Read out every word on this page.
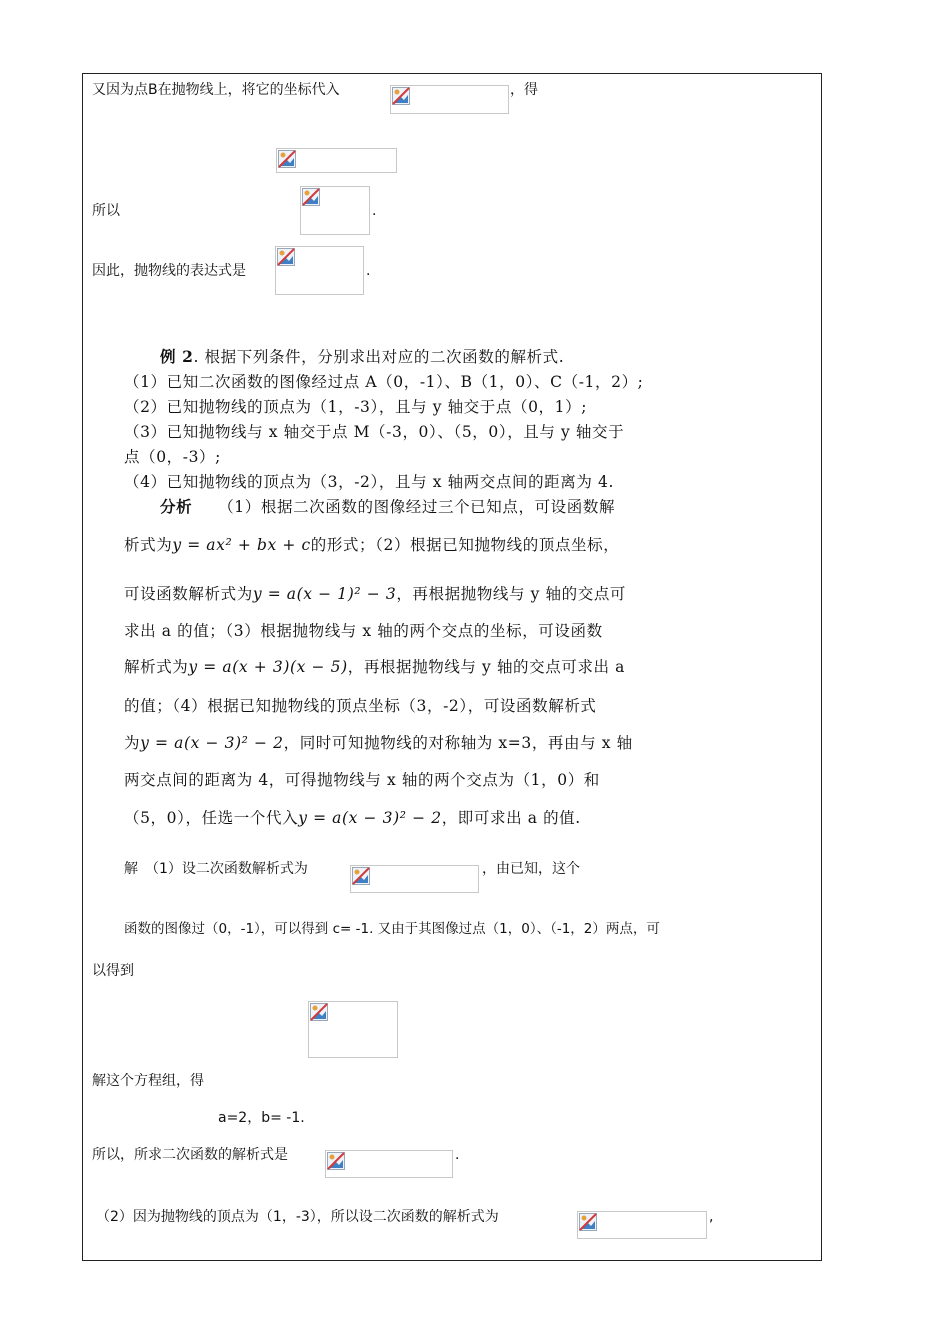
又因为点B在抛物线上，将它的坐标代入	，得
所以	.
因此，抛物线的表达式是	.
例 2. 根据下列条件，分别求出对应的二次函数的解析式.
（1）已知二次函数的图像经过点 A（0，-1）、B（1，0）、C（-1，2）;
（2）已知抛物线的顶点为（1，-3），且与 y 轴交于点（0，1）;
（3）已知抛物线与 x 轴交于点 M（-3，0）、（5，0），且与 y 轴交于
点（0，-3）;
（4）已知抛物线的顶点为（3，-2），且与 x 轴两交点间的距离为 4.
分析 （1）根据二次函数的图像经过三个已知点，可设函数解
析式为y = ax² + bx + c的形式；（2）根据已知抛物线的顶点坐标，
可设函数解析式为y = a(x − 1)² − 3，再根据抛物线与 y 轴的交点可
求出 a 的值；（3）根据抛物线与 x 轴的两个交点的坐标，可设函数
解析式为y = a(x + 3)(x − 5)，再根据抛物线与 y 轴的交点可求出 a
的值；（4）根据已知抛物线的顶点坐标（3，-2），可设函数解析式
为y = a(x − 3)² − 2，同时可知抛物线的对称轴为 x=3，再由与 x 轴
两交点间的距离为 4，可得抛物线与 x 轴的两个交点为（1，0）和
（5，0），任选一个代入y = a(x − 3)² − 2，即可求出 a 的值.
解　（1）设二次函数解析式为	，由已知，这个
函数的图像过（0，-1），可以得到 c= -1. 又由于其图像过点（1，0）、（-1，2）两点，可
以得到
解这个方程组，得
a=2，b= -1.
所以，所求二次函数的解析式是	.
（2）因为抛物线的顶点为（1，-3），所以设二次函数的解析式为	,
